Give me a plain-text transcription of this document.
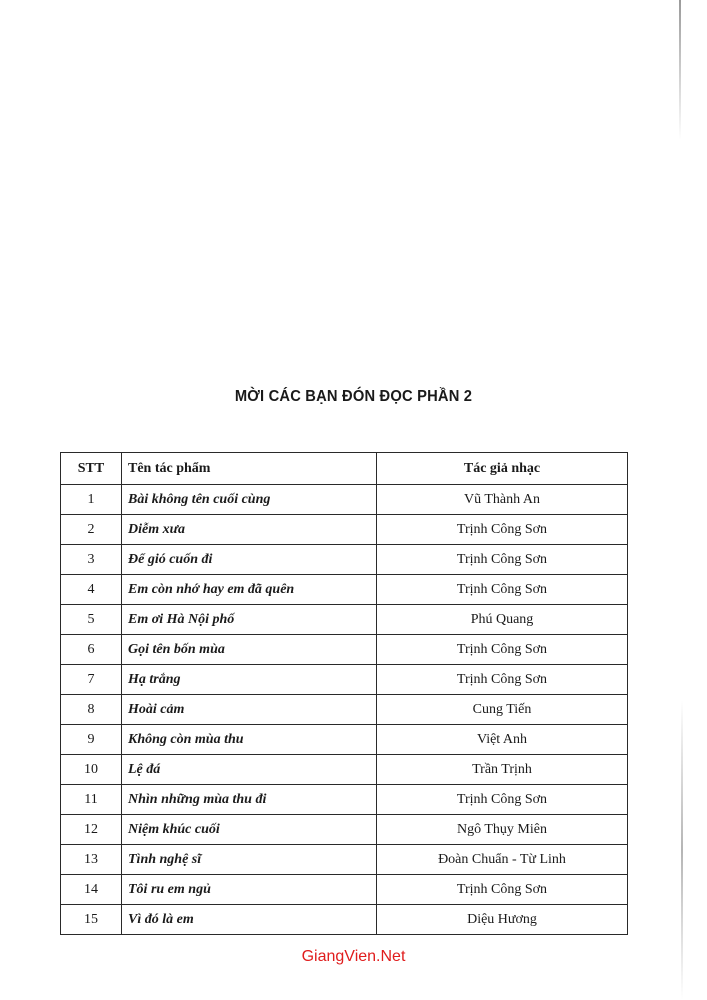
MỜI CÁC BẠN ĐÓN ĐỌC PHẦN 2
STT	Tên tác phẩm	Tác giả nhạc
1	Bài không tên cuối cùng	Vũ Thành An
2	Diễm xưa	Trịnh Công Sơn
3	Để gió cuốn đi	Trịnh Công Sơn
4	Em còn nhớ hay em đã quên	Trịnh Công Sơn
5	Em ơi Hà Nội phố	Phú Quang
6	Gọi tên bốn mùa	Trịnh Công Sơn
7	Hạ trắng	Trịnh Công Sơn
8	Hoài cảm	Cung Tiến
9	Không còn mùa thu	Việt Anh
10	Lệ đá	Trần Trịnh
11	Nhìn những mùa thu đi	Trịnh Công Sơn
12	Niệm khúc cuối	Ngô Thụy Miên
13	Tình nghệ sĩ	Đoàn Chuẩn - Từ Linh
14	Tôi ru em ngủ	Trịnh Công Sơn
15	Vì đó là em	Diệu Hương
GiangVien.Net
